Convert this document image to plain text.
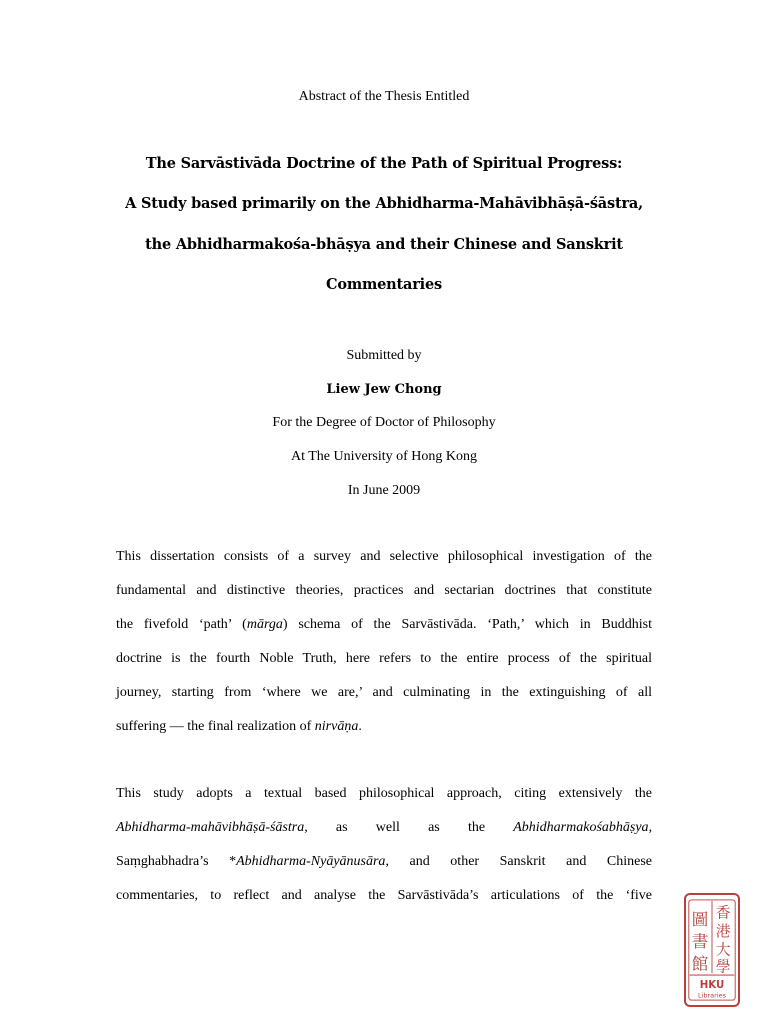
Abstract of the Thesis Entitled
The Sarvāstivāda Doctrine of the Path of Spiritual Progress:
A Study based primarily on the Abhidharma-Mahāvibhāṣā-śāstra,
the Abhidharmakośa-bhāṣya and their Chinese and Sanskrit
Commentaries
Submitted by
Liew Jew Chong
For the Degree of Doctor of Philosophy
At The University of Hong Kong
In June 2009
This dissertation consists of a survey and selective philosophical investigation of the
fundamental and distinctive theories, practices and sectarian doctrines that constitute
the fivefold ‘path’ (mārga) schema of the Sarvāstivāda. ‘Path,’ which in Buddhist
doctrine is the fourth Noble Truth, here refers to the entire process of the spiritual
journey, starting from ‘where we are,’ and culminating in the extinguishing of all
suffering — the final realization of nirvāṇa.
This study adopts a textual based philosophical approach, citing extensively the
Abhidharma-mahāvibhāṣā-śāstra, as well as the Abhidharmakośabhāṣya,
Saṃghabhadra’s *Abhidharma-Nyāyānusāra, and other Sanskrit and Chinese
commentaries, to reflect and analyse the Sarvāstivāda’s articulations of the ‘five
香
港
大
學
圖
書
館
HKU
Libraries
